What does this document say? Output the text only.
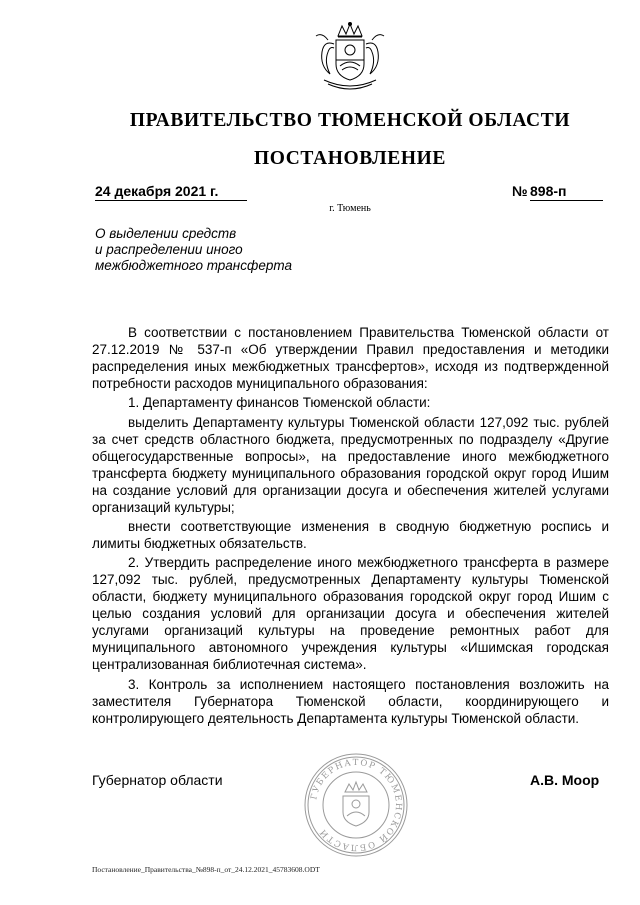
ПРАВИТЕЛЬСТВО ТЮМЕНСКОЙ ОБЛАСТИ
ПОСТАНОВЛЕНИЕ
24 декабря 2021 г.	№ 898-п
г. Тюмень
О выделении средств
и распределении иного
межбюджетного трансферта

В соответствии с постановлением Правительства Тюменской области от 27.12.2019 № 537-п «Об утверждении Правил предоставления и методики распределения иных межбюджетных трансфертов», исходя из подтвержденной потребности расходов муниципального образования:

1. Департаменту финансов Тюменской области:

выделить Департаменту культуры Тюменской области 127,092 тыс. рублей за счет средств областного бюджета, предусмотренных по подразделу «Другие общегосударственные вопросы», на предоставление иного межбюджетного трансферта бюджету муниципального образования городской округ город Ишим на создание условий для организации досуга и обеспечения жителей услугами организаций культуры;

внести соответствующие изменения в сводную бюджетную роспись и лимиты бюджетных обязательств.

2. Утвердить распределение иного межбюджетного трансферта в размере 127,092 тыс. рублей, предусмотренных Департаменту культуры Тюменской области, бюджету муниципального образования городской округ город Ишим с целью создания условий для организации досуга и обеспечения жителей услугами организаций культуры на проведение ремонтных работ для муниципального автономного учреждения культуры «Ишимская городская централизованная библиотечная система».

3. Контроль за исполнением настоящего постановления возложить на заместителя Губернатора Тюменской области, координирующего и контролирующего деятельность Департамента культуры Тюменской области.

ГУБЕРНАТОР ТЮМЕНСКОЙ ОБЛАСТИ
Губернатор области	А.В. Моор
Постановление_Правительства_№898-п_от_24.12.2021_45783608.ODT
